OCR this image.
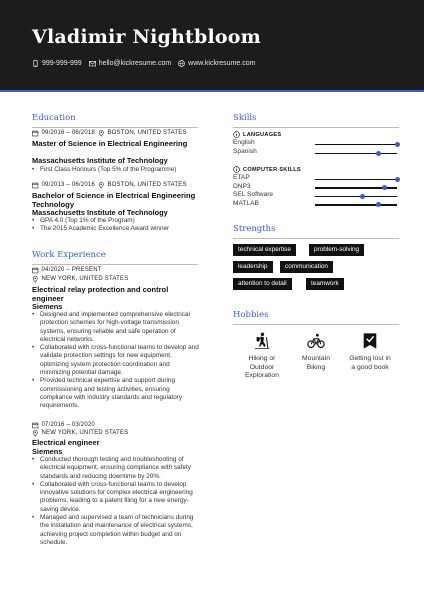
Vladimir Nightbloom
999-999-999 hello@kickresume.com www.kickresume.com
Education
09/2016 – 06/2018 BOSTON, UNITED STATES
Master of Science in Electrical Engineering
Massachusetts Institute of Technology
• First Class Honours (Top 5% of the Programme)
09/2013 – 06/2016 BOSTON, UNITED STATES
Bachelor of Science in Electrical Engineering Technology
Massachusetts Institute of Technology
• GPA 4.0 (Top 1% of the Program)
• The 2015 Academic Excellence Award winner
Work Experience
04/2020 – PRESENT
NEW YORK, UNITED STATES
Electrical relay protection and control engineer
Siemens
• Designed and implemented comprehensive electrical protection schemes for high-voltage transmission systems, ensuring reliable and safe operation of electrical networks.
• Collaborated with cross-functional teams to develop and validate protection settings for new equipment, optimizing system protection coordination and minimizing potential damage.
• Provided technical expertise and support during commissioning and testing activities, ensuring compliance with industry standards and regulatory requirements.
07/2016 – 03/2020
NEW YORK, UNITED STATES
Electrical engineer
Siemens
• Conducted thorough testing and troubleshooting of electrical equipment, ensuring compliance with safety standards and reducing downtime by 20%.
• Collaborated with cross-functional teams to develop innovative solutions for complex electrical engineering problems, leading to a patent filing for a new energy-saving device.
• Managed and supervised a team of technicians during the installation and maintenance of electrical systems, achieving project completion within budget and on schedule.
Skills
LANGUAGES
English
Spanish
COMPUTER SKILLS
ETAP
DNP3
SEL Software
MATLAB
Strengths
technical expertise	problem-solving
leadership	communication
attention to detail	teamwork
Hobbies
Hiking or
Outdoor
Exploration
Mountain
Biking
Getting lost in
a good book
